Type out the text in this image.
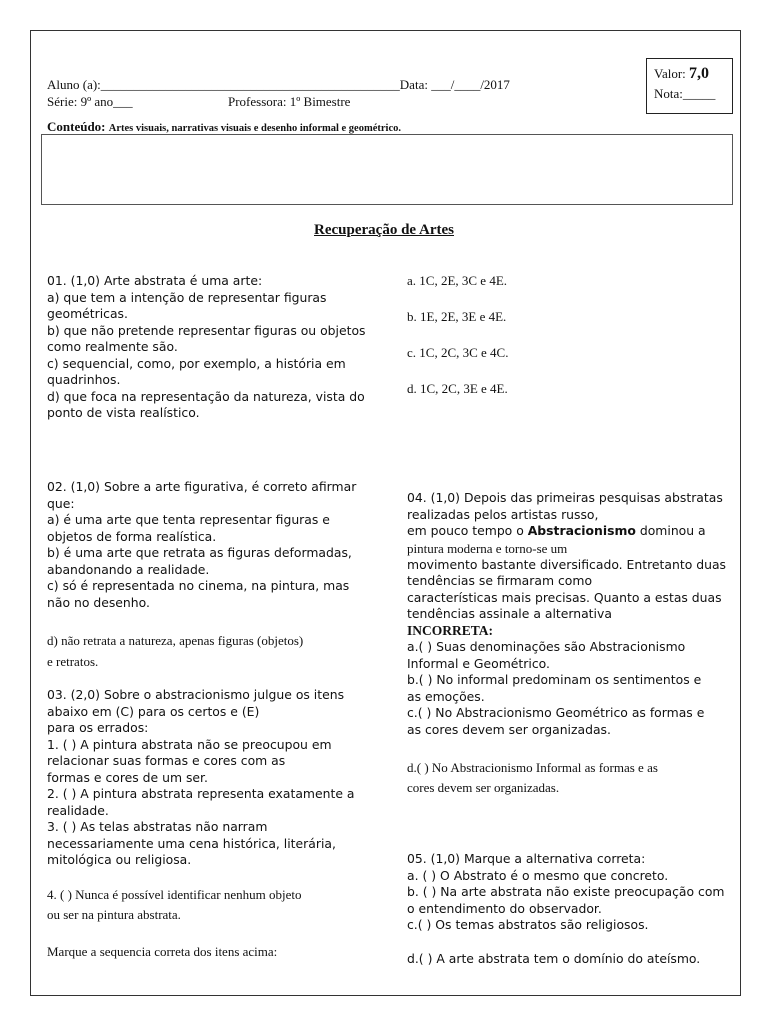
Aluno (a):______________________________________________Data: ___/____/2017
Série: 9º ano___	Professora: 1º Bimestre
Valor: 7,0
Nota:_____
Conteúdo: Artes visuais, narrativas visuais e desenho informal e geométrico.
Recuperação de Artes
01. (1,0) Arte abstrata é uma arte:
a) que tem a intenção de representar figuras
geométricas.
b) que não pretende representar figuras ou objetos
como realmente são.
c) sequencial, como, por exemplo, a história em
quadrinhos.
d) que foca na representação da natureza, vista do
ponto de vista realístico.
02. (1,0) Sobre a arte figurativa, é correto afirmar
que:
a) é uma arte que tenta representar figuras e
objetos de forma realística.
b) é uma arte que retrata as figuras deformadas,
abandonando a realidade.
c) só é representada no cinema, na pintura, mas
não no desenho.
d) não retrata a natureza, apenas figuras (objetos)
e retratos.
03. (2,0) Sobre o abstracionismo julgue os itens
abaixo em (C) para os certos e (E)
para os errados:
1. ( ) A pintura abstrata não se preocupou em
relacionar suas formas e cores com as
formas e cores de um ser.
2. ( ) A pintura abstrata representa exatamente a
realidade.
3. ( ) As telas abstratas não narram
necessariamente uma cena histórica, literária,
mitológica ou religiosa.
4. ( ) Nunca é possível identificar nenhum objeto
ou ser na pintura abstrata.
Marque a sequencia correta dos itens acima:
a. 1C, 2E, 3C e 4E.
b. 1E, 2E, 3E e 4E.
c. 1C, 2C, 3C e 4C.
d. 1C, 2C, 3E e 4E.
04. (1,0) Depois das primeiras pesquisas abstratas
realizadas pelos artistas russo,
em pouco tempo o Abstracionismo dominou a
pintura moderna e torno-se um
movimento bastante diversificado. Entretanto duas
tendências se firmaram como
características mais precisas. Quanto a estas duas
tendências assinale a alternativa
INCORRETA:
a.( ) Suas denominações são Abstracionismo
Informal e Geométrico.
b.( ) No informal predominam os sentimentos e
as emoções.
c.( ) No Abstracionismo Geométrico as formas e
as cores devem ser organizadas.
d.( ) No Abstracionismo Informal as formas e as
cores devem ser organizadas.
05. (1,0) Marque a alternativa correta:
a. ( ) O Abstrato é o mesmo que concreto.
b. ( ) Na arte abstrata não existe preocupação com
o entendimento do observador.
c.( ) Os temas abstratos são religiosos.
d.( ) A arte abstrata tem o domínio do ateísmo.
